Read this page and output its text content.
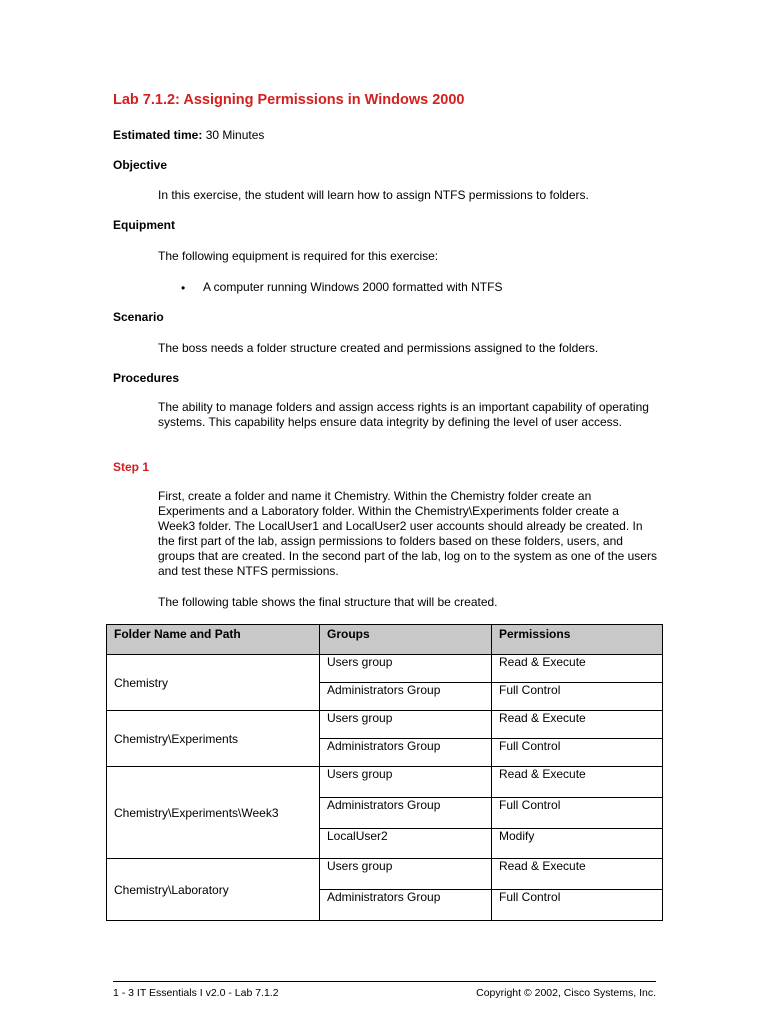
Lab 7.1.2: Assigning Permissions in Windows 2000
Estimated time: 30 Minutes
Objective
In this exercise, the student will learn how to assign NTFS permissions to folders.
Equipment
The following equipment is required for this exercise:
• A computer running Windows 2000 formatted with NTFS
Scenario
The boss needs a folder structure created and permissions assigned to the folders.
Procedures
The ability to manage folders and assign access rights is an important capability of operating systems. This capability helps ensure data integrity by defining the level of user access.
Step 1
First, create a folder and name it Chemistry. Within the Chemistry folder create an Experiments and a Laboratory folder. Within the Chemistry\Experiments folder create a Week3 folder. The LocalUser1 and LocalUser2 user accounts should already be created. In the first part of the lab, assign permissions to folders based on these folders, users, and groups that are created. In the second part of the lab, log on to the system as one of the users and test these NTFS permissions.
The following table shows the final structure that will be created.
Folder Name and Path	Groups	Permissions
Chemistry	Users group	Read & Execute
	Administrators Group	Full Control
Chemistry\Experiments	Users group	Read & Execute
	Administrators Group	Full Control
Chemistry\Experiments\Week3	Users group	Read & Execute
	Administrators Group	Full Control
	LocalUser2	Modify
Chemistry\Laboratory	Users group	Read & Execute
	Administrators Group	Full Control
1 - 3 IT Essentials I v2.0 - Lab 7.1.2	Copyright © 2002, Cisco Systems, Inc.
